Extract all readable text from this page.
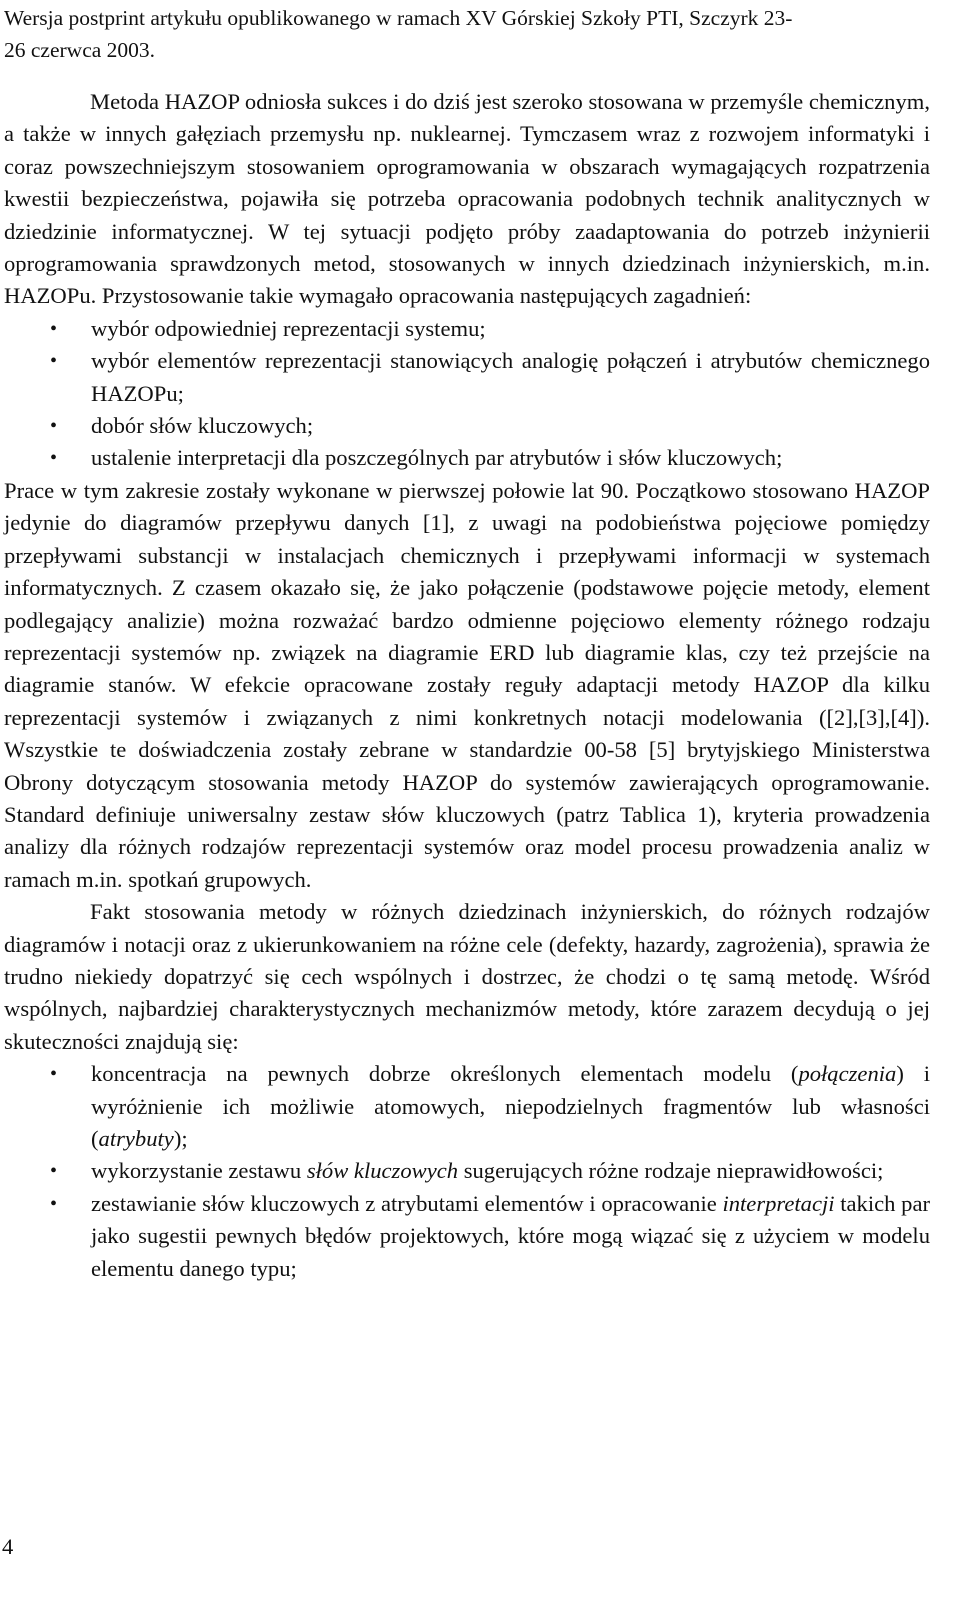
Wersja postprint artykułu opublikowanego w ramach XV Górskiej Szkoły PTI, Szczyrk 23-
26 czerwca 2003.

Metoda HAZOP odniosła sukces i do dziś jest szeroko stosowana w przemyśle chemicznym, a także w innych gałęziach przemysłu np. nuklearnej. Tymczasem wraz z rozwojem informatyki i coraz powszechniejszym stosowaniem oprogramowania w obszarach wymagających rozpatrzenia kwestii bezpieczeństwa, pojawiła się potrzeba opracowania podobnych technik analitycznych w dziedzinie informatycznej. W tej sytuacji podjęto próby zaadaptowania do potrzeb inżynierii oprogramowania sprawdzonych metod, stosowanych w innych dziedzinach inżynierskich, m.in. HAZOPu. Przystosowanie takie wymagało opracowania następujących zagadnień:

• wybór odpowiedniej reprezentacji systemu;
• wybór elementów reprezentacji stanowiących analogię połączeń i atrybutów chemicznego HAZOPu;
• dobór słów kluczowych;
• ustalenie interpretacji dla poszczególnych par atrybutów i słów kluczowych;

Prace w tym zakresie zostały wykonane w pierwszej połowie lat 90. Początkowo stosowano HAZOP jedynie do diagramów przepływu danych [1], z uwagi na podobieństwa pojęciowe pomiędzy przepływami substancji w instalacjach chemicznych i przepływami informacji w systemach informatycznych. Z czasem okazało się, że jako połączenie (podstawowe pojęcie metody, element podlegający analizie) można rozważać bardzo odmienne pojęciowo elementy różnego rodzaju reprezentacji systemów np. związek na diagramie ERD lub diagramie klas, czy też przejście na diagramie stanów. W efekcie opracowane zostały reguły adaptacji metody HAZOP dla kilku reprezentacji systemów i związanych z nimi konkretnych notacji modelowania ([2],[3],[4]). Wszystkie te doświadczenia zostały zebrane w standardzie 00-58 [5] brytyjskiego Ministerstwa Obrony dotyczącym stosowania metody HAZOP do systemów zawierających oprogramowanie. Standard definiuje uniwersalny zestaw słów kluczowych (patrz Tablica 1), kryteria prowadzenia analizy dla różnych rodzajów reprezentacji systemów oraz model procesu prowadzenia analiz w ramach m.in. spotkań grupowych.

Fakt stosowania metody w różnych dziedzinach inżynierskich, do różnych rodzajów diagramów i notacji oraz z ukierunkowaniem na różne cele (defekty, hazardy, zagrożenia), sprawia że trudno niekiedy dopatrzyć się cech wspólnych i dostrzec, że chodzi o tę samą metodę. Wśród wspólnych, najbardziej charakterystycznych mechanizmów metody, które zarazem decydują o jej skuteczności znajdują się:

• koncentracja na pewnych dobrze określonych elementach modelu (połączenia) i wyróżnienie ich możliwie atomowych, niepodzielnych fragmentów lub własności (atrybuty);
• wykorzystanie zestawu słów kluczowych sugerujących różne rodzaje nieprawidłowości;
• zestawianie słów kluczowych z atrybutami elementów i opracowanie interpretacji takich par jako sugestii pewnych błędów projektowych, które mogą wiązać się z użyciem w modelu elementu danego typu;
4
